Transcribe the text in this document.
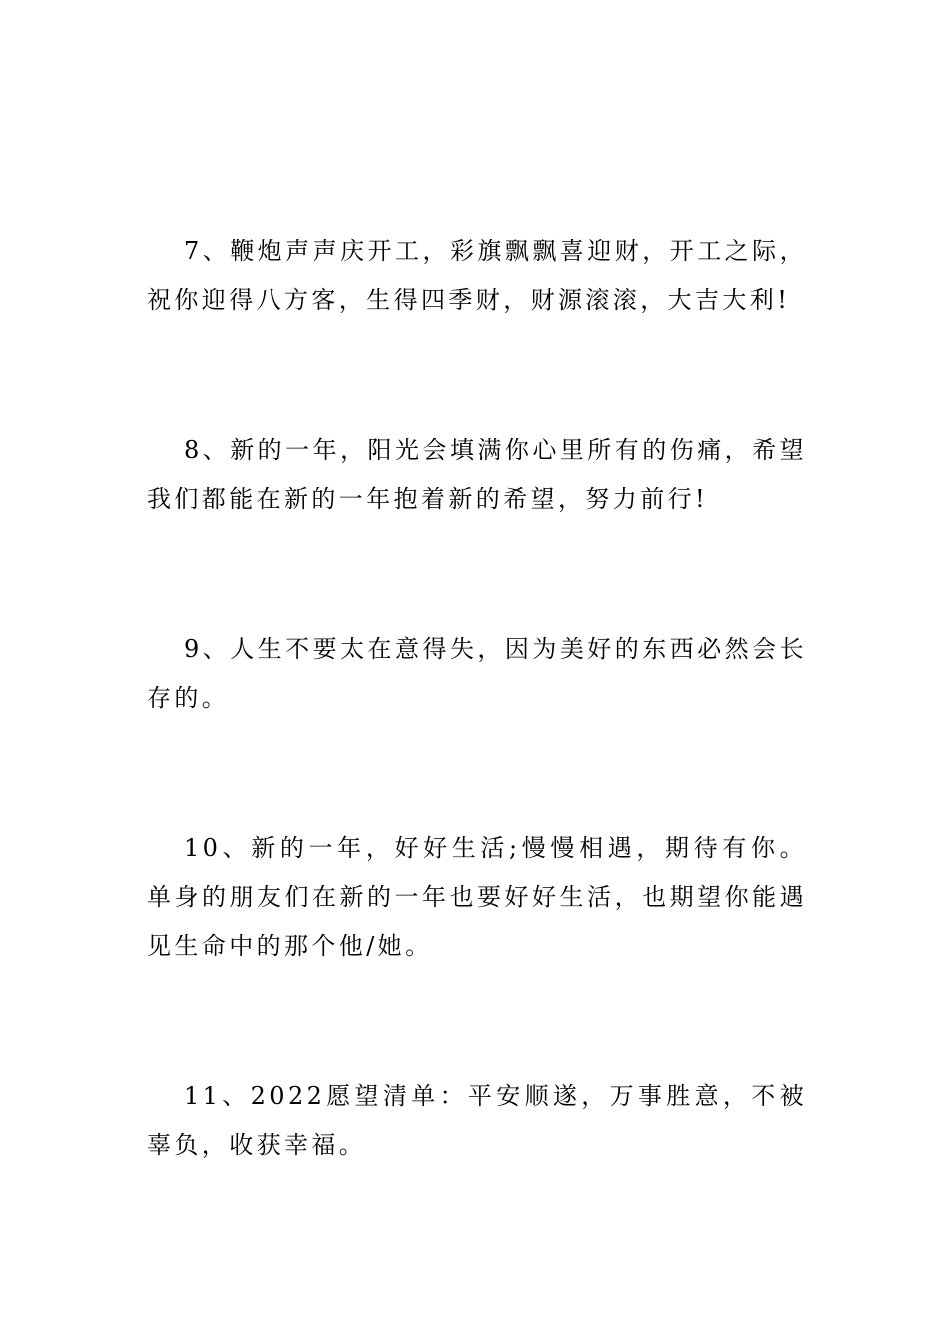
7、鞭炮声声庆开工，彩旗飘飘喜迎财，开工之际，祝你迎得八方客，生得四季财，财源滚滚，大吉大利!

8、新的一年，阳光会填满你心里所有的伤痛，希望我们都能在新的一年抱着新的希望，努力前行!

9、人生不要太在意得失，因为美好的东西必然会长存的。

10、新的一年，好好生活;慢慢相遇，期待有你。单身的朋友们在新的一年也要好好生活，也期望你能遇见生命中的那个他/她。

11、2022愿望清单：平安顺遂，万事胜意，不被辜负，收获幸福。
